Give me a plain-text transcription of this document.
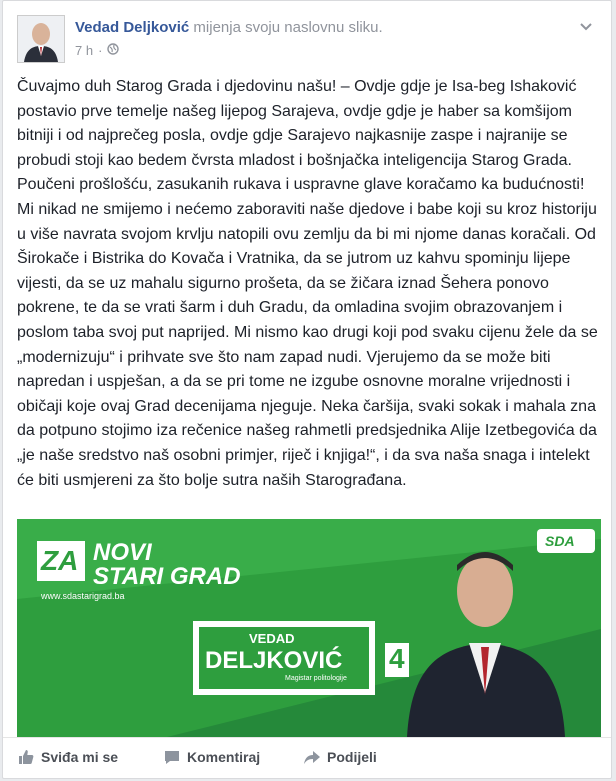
Vedad Deljković mijenja svoju naslovnu sliku.
7 h ·

Čuvajmo duh Starog Grada i djedovinu našu! – Ovdje gdje je Isa-beg Ishaković postavio prve temelje našeg lijepog Sarajeva, ovdje gdje je haber sa komšijom bitniji i od najprečeg posla, ovdje gdje Sarajevo najkasnije zaspe i najranije se probudi stoji kao bedem čvrsta mladost i bošnjačka inteligencija Starog Grada. Poučeni prošlošću, zasukanih rukava i uspravne glave koračamo ka budućnosti! Mi nikad ne smijemo i nećemo zaboraviti naše djedove i babe koji su kroz historiju u više navrata svojom krvlju natopili ovu zemlju da bi mi njome danas koračali. Od Širokače i Bistrika do Kovača i Vratnika, da se jutrom uz kahvu spominju lijepe vijesti, da se uz mahalu sigurno prošeta, da se žičara iznad Šehera ponovo pokrene, te da se vrati šarm i duh Gradu, da omladina svojim obrazovanjem i poslom taba svoj put naprijed. Mi nismo kao drugi koji pod svaku cijenu žele da se „modernizuju“ i prihvate sve što nam zapad nudi. Vjerujemo da se može biti napredan i uspješan, a da se pri tome ne izgube osnovne moralne vrijednosti i običaji koje ovaj Grad decenijama njeguje. Neka čaršija, svaki sokak i mahala zna da potpuno stojimo iza rečenice našeg rahmetli predsjednika Alije Izetbegovića da „je naše sredstvo naš osobni primjer, riječ i knjiga!“, i da sva naša snaga i intelekt će biti usmjereni za što bolje sutra naših Starograđana.

ZA NOVI
STARI GRAD
www.sdastarigrad.ba
SDA
VEDAD
DELJKOVIĆ
Magistar politologije
4
Sviđa mi se	Komentiraj	Podijeli
